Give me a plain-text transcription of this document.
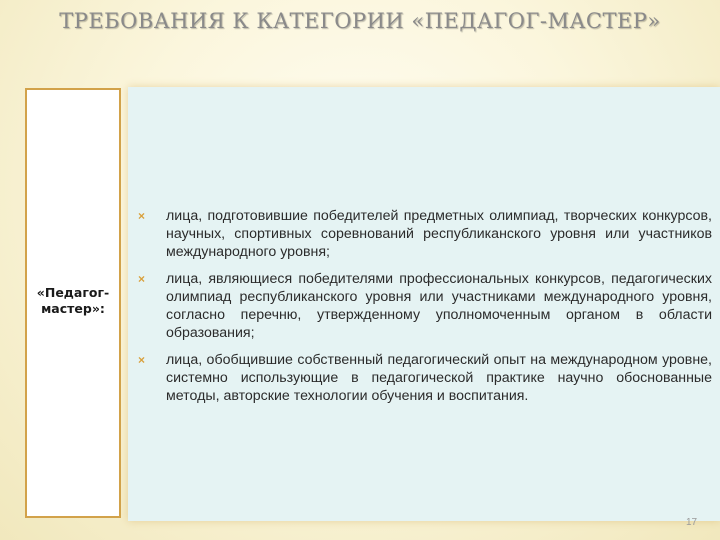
ТРЕБОВАНИЯ К КАТЕГОРИИ «ПЕДАГОГ-МАСТЕР»
«Педагог-мастер»:
× лица, подготовившие победителей предметных олимпиад, творческих конкурсов, научных, спортивных соревнований республиканского уровня или участников международного уровня;
× лица, являющиеся победителями профессиональных конкурсов, педагогических олимпиад республиканского уровня или участниками международного уровня, согласно перечню, утвержденному уполномоченным органом в области образования;
× лица, обобщившие собственный педагогический опыт на международном уровне, системно использующие в педагогической практике научно обоснованные методы, авторские технологии обучения и воспитания.
17
